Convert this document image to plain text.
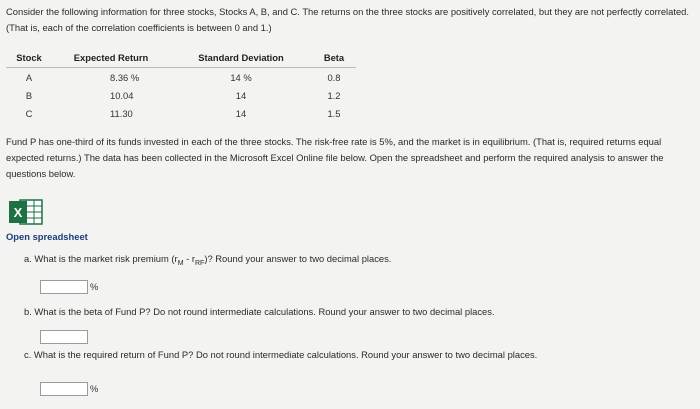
Consider the following information for three stocks, Stocks A, B, and C. The returns on the three stocks are positively correlated, but they are not perfectly correlated. (That is, each of the correlation coefficients is between 0 and 1.)
Stock	Expected Return	Standard Deviation	Beta
A	8.36 %	14 %	0.8
B	10.04	14	1.2
C	11.30	14	1.5
Fund P has one-third of its funds invested in each of the three stocks. The risk-free rate is 5%, and the market is in equilibrium. (That is, required returns equal expected returns.) The data has been collected in the Microsoft Excel Online file below. Open the spreadsheet and perform the required analysis to answer the questions below.
X
Open spreadsheet
a. What is the market risk premium $(r_M - r_{RF})$? Round your answer to two decimal places.
%
b. What is the beta of Fund P? Do not round intermediate calculations. Round your answer to two decimal places.
c. What is the required return of Fund P? Do not round intermediate calculations. Round your answer to two decimal places.
%
